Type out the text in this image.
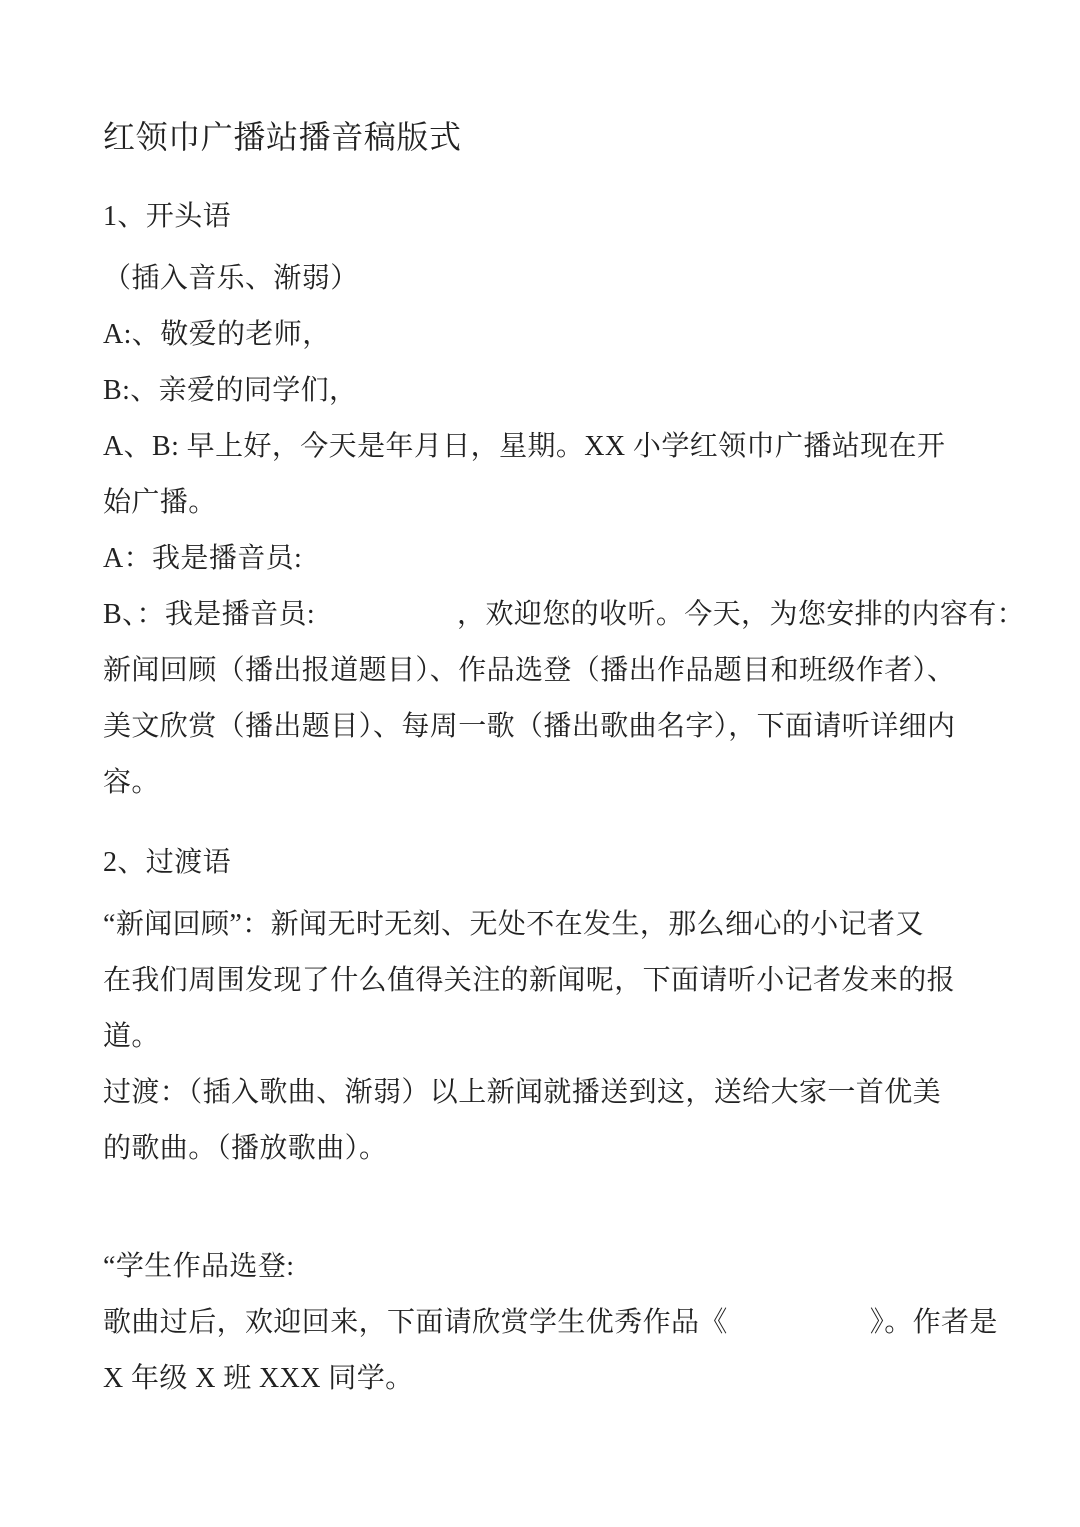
红领巾广播站播音稿版式

1、开头语

（插入音乐、渐弱）

A:、敬爱的老师，

B:、亲爱的同学们，

A、B: 早上好，今天是年月日，星期。XX 小学红领巾广播站现在开

始广播。

A：我是播音员:

B、：我是播音员:　　　　　，欢迎您的收听。今天，为您安排的内容有：

新闻回顾（播出报道题目）、作品选登（播出作品题目和班级作者）、

美文欣赏（播出题目）、每周一歌（播出歌曲名字），下面请听详细内

容。

2、过渡语

“新闻回顾”：新闻无时无刻、无处不在发生，那么细心的小记者又

在我们周围发现了什么值得关注的新闻呢，下面请听小记者发来的报

道。

过渡：（插入歌曲、渐弱）以上新闻就播送到这，送给大家一首优美

的歌曲。（播放歌曲）。

“学生作品选登:

歌曲过后，欢迎回来，下面请欣赏学生优秀作品《　　　　　》。作者是

X 年级 X 班 XXX 同学。
